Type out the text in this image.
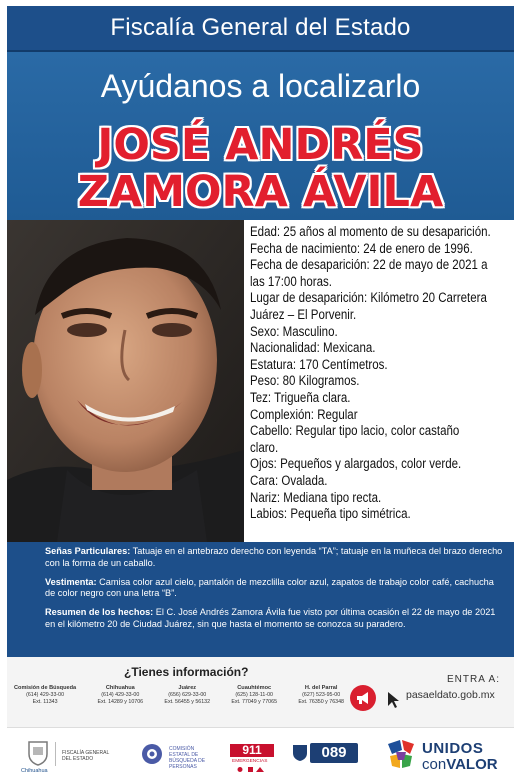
Fiscalía General del Estado
Ayúdanos a localizarlo
JOSÉ ANDRÉS
ZAMORA ÁVILA

Edad: 25 años al momento de su desaparición.

Fecha de nacimiento: 24 de enero de 1996.

Fecha de desaparición: 22 de mayo de 2021 a

las 17:00 horas.

Lugar de desaparición: Kilómetro 20 Carretera

Juárez – El Porvenir.

Sexo: Masculino.

Nacionalidad: Mexicana.

Estatura: 170 Centímetros.

Peso: 80 Kilogramos.

Tez: Trigueña clara.

Complexión: Regular

Cabello: Regular tipo lacio, color castaño

claro.

Ojos: Pequeños y alargados, color verde.

Cara: Ovalada.

Nariz: Mediana tipo recta.

Labios: Pequeña tipo simétrica.

Señas Particulares: Tatuaje en el antebrazo derecho con leyenda “TA”; tatuaje en la muñeca del brazo derecho con la forma de un caballo.

Vestimenta: Camisa color azul cielo, pantalón de mezclilla color azul, zapatos de trabajo color café, cachucha de color negro con una letra “B”.

Resumen de los hechos: El C. José Andrés Zamora Ávila fue visto por última ocasión el 22 de mayo de 2021 en el kilómetro 20 de Ciudad Juárez, sin que hasta el momento se conozca su paradero.

¿Tienes información?
Comisión de Búsqueda
(614) 429-33-00
Ext. 11343
Chihuahua
(614) 429-33-00
Ext. 14289 y 10706
Juárez
(656) 629-33-00
Ext. 56455 y 56132
Cuauhtémoc
(625) 128-11-00
Ext. 77049 y 77065
H. del Parral
(627) 523-95-00
Ext. 76350 y 76348
ENTRA A:
pasaeldato.gob.mx
Chihuahua
FISCALÍA GENERAL DEL ESTADO
COMISIÓN ESTATAL DE BÚSQUEDA DE PERSONAS
911
EMERGENCIAS
089	UNIDOS
conVALOR
